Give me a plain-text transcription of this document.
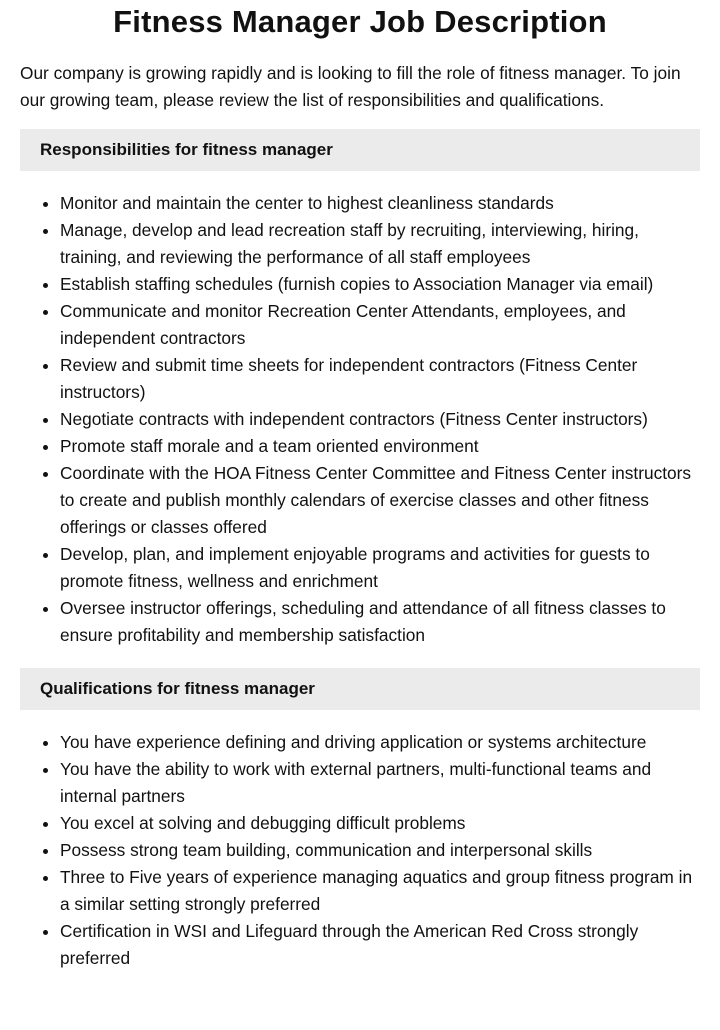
Fitness Manager Job Description

Our company is growing rapidly and is looking to fill the role of fitness manager. To join our growing team, please review the list of responsibilities and qualifications.

Responsibilities for fitness manager
• Monitor and maintain the center to highest cleanliness standards
• Manage, develop and lead recreation staff by recruiting, interviewing, hiring, training, and reviewing the performance of all staff employees
• Establish staffing schedules (furnish copies to Association Manager via email)
• Communicate and monitor Recreation Center Attendants, employees, and independent contractors
• Review and submit time sheets for independent contractors (Fitness Center instructors)
• Negotiate contracts with independent contractors (Fitness Center instructors)
• Promote staff morale and a team oriented environment
• Coordinate with the HOA Fitness Center Committee and Fitness Center instructors to create and publish monthly calendars of exercise classes and other fitness offerings or classes offered
• Develop, plan, and implement enjoyable programs and activities for guests to promote fitness, wellness and enrichment
• Oversee instructor offerings, scheduling and attendance of all fitness classes to ensure profitability and membership satisfaction
Qualifications for fitness manager
• You have experience defining and driving application or systems architecture
• You have the ability to work with external partners, multi-functional teams and internal partners
• You excel at solving and debugging difficult problems
• Possess strong team building, communication and interpersonal skills
• Three to Five years of experience managing aquatics and group fitness program in a similar setting strongly preferred
• Certification in WSI and Lifeguard through the American Red Cross strongly preferred
